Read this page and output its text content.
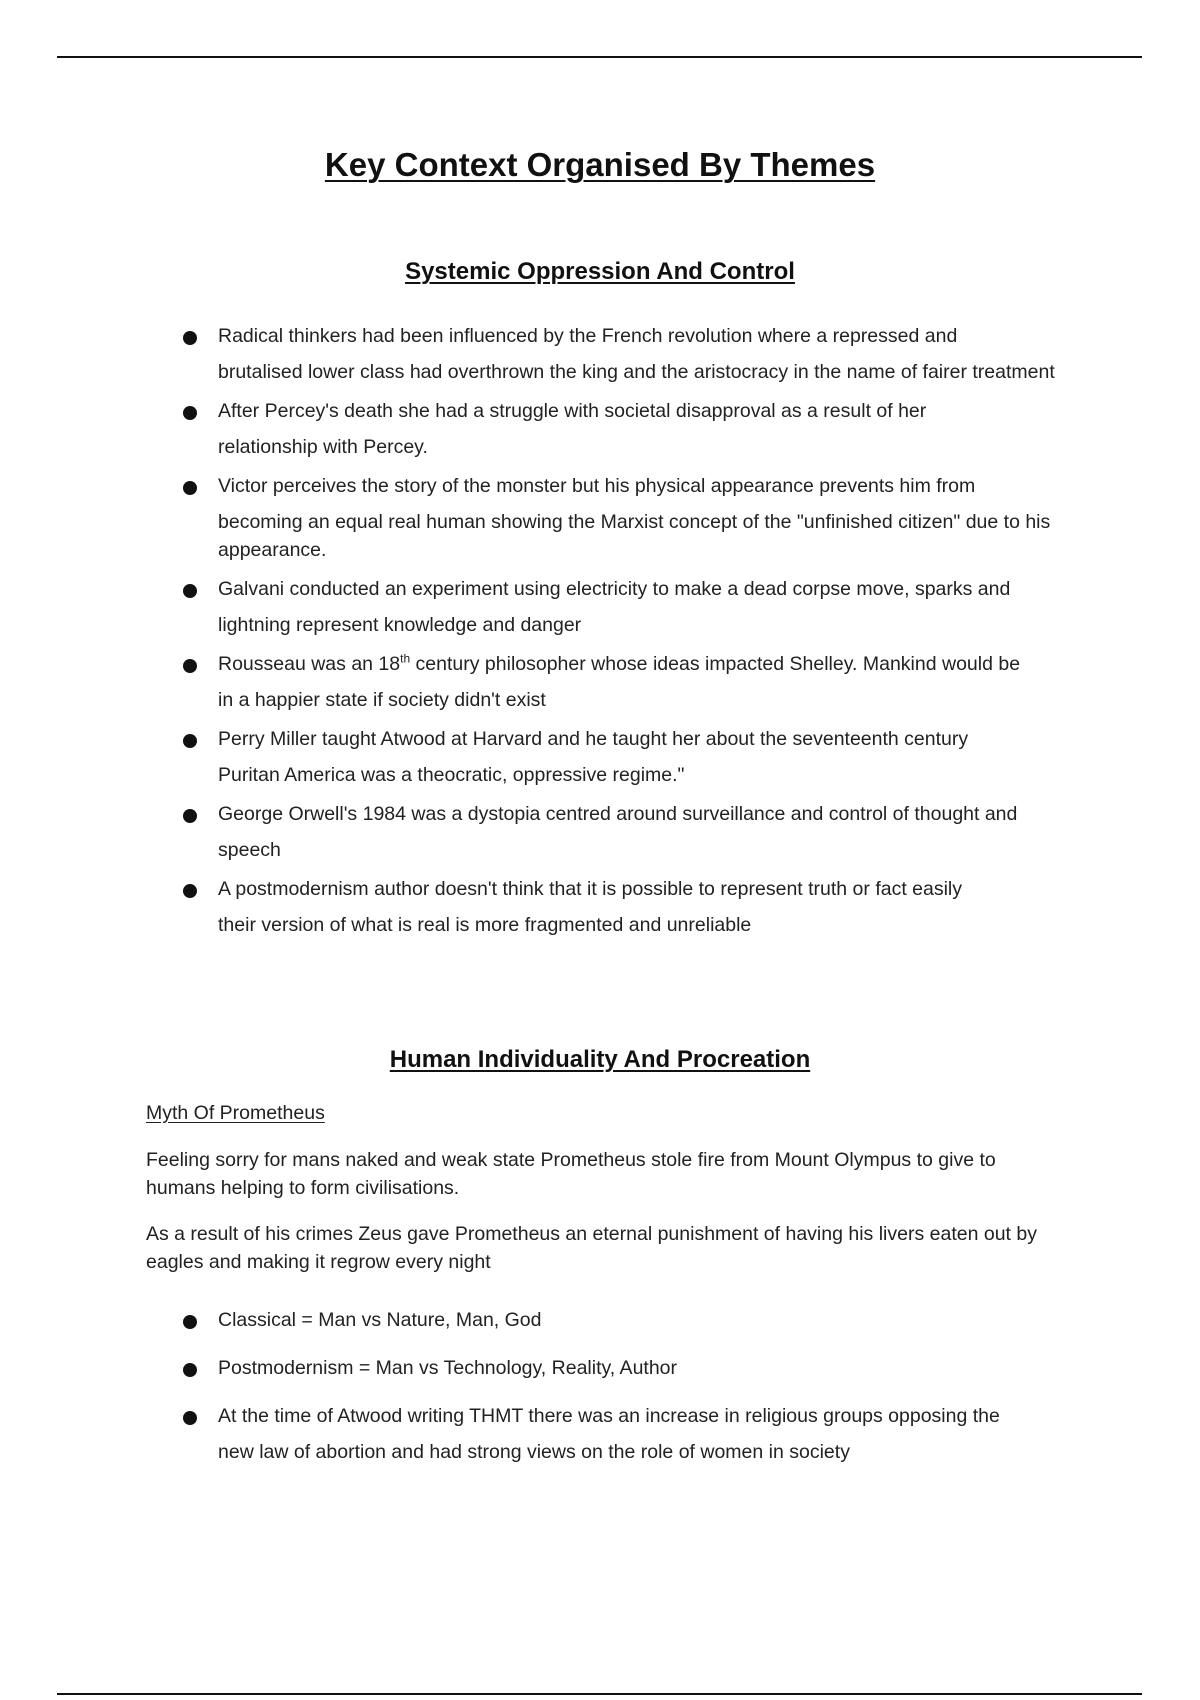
Key Context Organised By Themes
Systemic Oppression And Control
Radical thinkers had been influenced by the French revolution where a repressed and
brutalised lower class had overthrown the king and the aristocracy in the name of fairer treatment
After Percey's death she had a struggle with societal disapproval as a result of her
relationship with Percey.
Victor perceives the story of the monster but his physical appearance prevents him from
becoming an equal real human showing the Marxist concept of the "unfinished citizen" due to his appearance.
Galvani conducted an experiment using electricity to make a dead corpse move, sparks and
lightning represent knowledge and danger
Rousseau was an 18th century philosopher whose ideas impacted Shelley. Mankind would be
in a happier state if society didn't exist
Perry Miller taught Atwood at Harvard and he taught her about the seventeenth century
Puritan America was a theocratic, oppressive regime."
George Orwell's 1984 was a dystopia centred around surveillance and control of thought and
speech
A postmodernism author doesn't think that it is possible to represent truth or fact easily
their version of what is real is more fragmented and unreliable
Human Individuality And Procreation

Myth Of Prometheus

Feeling sorry for mans naked and weak state Prometheus stole fire from Mount Olympus to give to humans helping to form civilisations.

As a result of his crimes Zeus gave Prometheus an eternal punishment of having his livers eaten out by eagles and making it regrow every night

Classical = Man vs Nature, Man, God
Postmodernism = Man vs Technology, Reality, Author
At the time of Atwood writing THMT there was an increase in religious groups opposing the
new law of abortion and had strong views on the role of women in society
